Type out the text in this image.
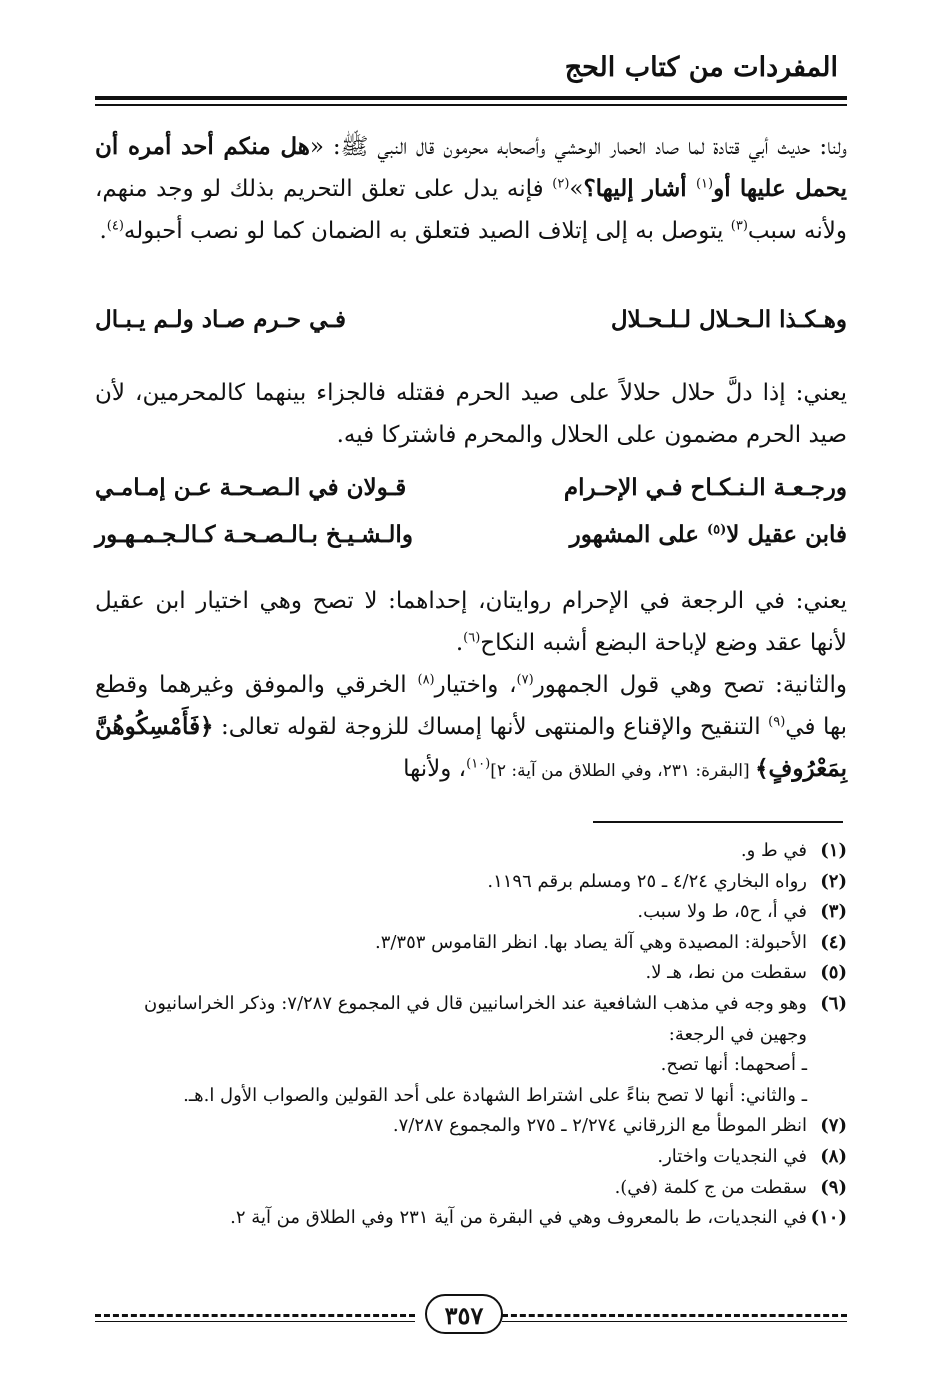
المفردات من كتاب الحج
ولنا: حديث أبي قتادة لما صاد الحمار الوحشي وأصحابه محرمون قال النبي ﷺ: «هل منكم أحد أمره أن يحمل عليها أو$^{(١)}$ أشار إليها؟»$^{(٢)}$ فإنه يدل على تعلق التحريم بذلك لو وجد منهم، ولأنه سبب$^{(٣)}$ يتوصل به إلى إتلاف الصيد فتعلق به الضمان كما لو نصب أحبوله$^{(٤)}$.
وهـكـذا الـحـلال لـلـحـلال
فـي حـرم صـاد ولـم يـبـال
يعني: إذا دلَّ حلال حلالاً على صيد الحرم فقتله فالجزاء بينهما كالمحرمين، لأن صيد الحرم مضمون على الحلال والمحرم فاشتركا فيه.
ورجـعـة الـنـكـاح فـي الإحـرام
قـولان في الـصـحـة عـن إمـامـي
فابن عقيل لا$^{(٥)}$ على المشهور
والـشـيـخ بـالـصـحـة كـالـجـمـهـور
يعني: في الرجعة في الإحرام روايتان، إحداهما: لا تصح وهي اختيار ابن عقيل لأنها عقد وضع لإباحة البضع أشبه النكاح$^{(٦)}$.
والثانية: تصح وهي قول الجمهور$^{(٧)}$، واختيار$^{(٨)}$ الخرقي والموفق وغيرهما وقطع بها في$^{(٩)}$ التنقيح والإقناع والمنتهى لأنها إمساك للزوجة لقوله تعالى: ﴿فَأَمْسِكُوهُنَّ بِمَعْرُوفٍ﴾ [البقرة: ٢٣١، وفي الطلاق من آية: ٢]$^{(١٠)}$، ولأنها
(١)
في ط و.
(٢)
رواه البخاري ٤/٢٤ ـ ٢٥ ومسلم برقم ١١٩٦.
(٣)
في أ، ح٥، ط ولا سبب.
(٤)
الأحبولة: المصيدة وهي آلة يصاد بها. انظر القاموس ٣/٣٥٣.
(٥)
سقطت من نط، هـ لا.
(٦)
وهو وجه في مذهب الشافعية عند الخراسانيين قال في المجموع ٧/٢٨٧: وذكر الخراسانيون وجهين في الرجعة:
ـ أصحهما: أنها تصح.
ـ والثاني: أنها لا تصح بناءً على اشتراط الشهادة على أحد القولين والصواب الأول ا.هـ.
(٧)
انظر الموطأ مع الزرقاني ٢/٢٧٤ ـ ٢٧٥ والمجموع ٧/٢٨٧.
(٨)
في النجديات واختار.
(٩)
سقطت من ج كلمة (في).
(١٠)
في النجديات، ط بالمعروف وهي في البقرة من آية ٢٣١ وفي الطلاق من آية ٢.
٣٥٧
